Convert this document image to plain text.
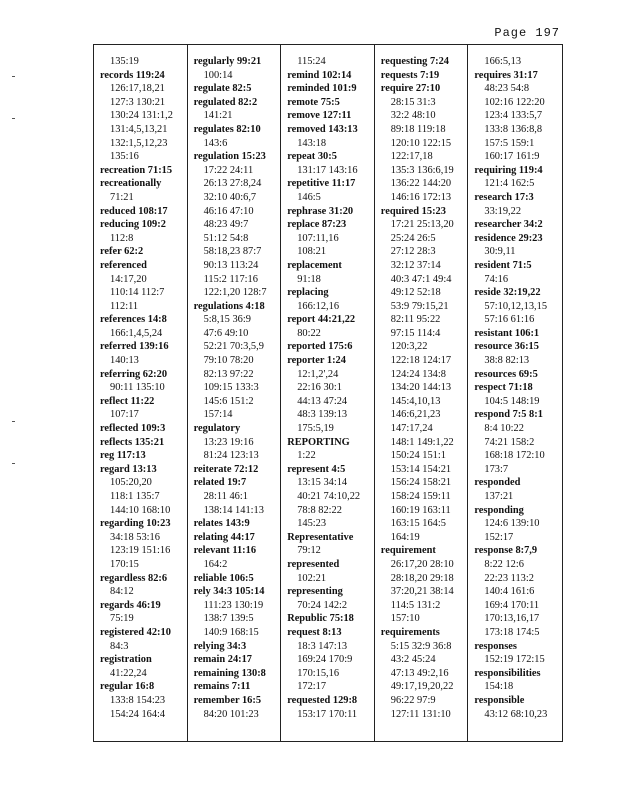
Page 197
135:19
records 119:24
126:17,18,21
127:3 130:21
130:24 131:1,2
131:4,5,13,21
132:1,5,12,23
135:16
recreation 71:15
recreationally
71:21
reduced 108:17
reducing 109:2
112:8
refer 62:2
referenced
14:17,20
110:14 112:7
112:11
references 14:8
166:1,4,5,24
referred 139:16
140:13
referring 62:20
90:11 135:10
reflect 11:22
107:17
reflected 109:3
reflects 135:21
reg 117:13
regard 13:13
105:20,20
118:1 135:7
144:10 168:10
regarding 10:23
34:18 53:16
123:19 151:16
170:15
regardless 82:6
84:12
regards 46:19
75:19
registered 42:10
84:3
registration
41:22,24
regular 16:8
133:8 154:23
154:24 164:4
regularly 99:21
100:14
regulate 82:5
regulated 82:2
141:21
regulates 82:10
143:6
regulation 15:23
17:22 24:11
26:13 27:8,24
32:10 40:6,7
46:16 47:10
48:23 49:7
51:12 54:8
58:18,23 87:7
90:13 113:24
115:2 117:16
122:1,20 128:7
regulations 4:18
5:8,15 36:9
47:6 49:10
52:21 70:3,5,9
79:10 78:20
82:13 97:22
109:15 133:3
145:6 151:2
157:14
regulatory
13:23 19:16
81:24 123:13
reiterate 72:12
related 19:7
28:11 46:1
138:14 141:13
relates 143:9
relating 44:17
relevant 11:16
164:2
reliable 106:5
rely 34:3 105:14
111:23 130:19
138:7 139:5
140:9 168:15
relying 34:3
remain 24:17
remaining 130:8
remains 7:11
remember 16:5
84:20 101:23
115:24
remind 102:14
reminded 101:9
remote 75:5
remove 127:11
removed 143:13
143:18
repeat 30:5
131:17 143:16
repetitive 11:17
146:5
rephrase 31:20
replace 87:23
107:11,16
108:21
replacement
91:18
replacing
166:12,16
report 44:21,22
80:22
reported 175:6
reporter 1:24
12:1,2',24
22:16 30:1
44:13 47:24
48:3 139:13
175:5,19
REPORTING
1:22
represent 4:5
13:15 34:14
40:21 74:10,22
78:8 82:22
145:23
Representative
79:12
represented
102:21
representing
70:24 142:2
Republic 75:18
request 8:13
18:3 147:13
169:24 170:9
170:15,16
172:17
requested 129:8
153:17 170:11
requesting 7:24
requests 7:19
require 27:10
28:15 31:3
32:2 48:10
89:18 119:18
120:10 122:15
122:17,18
135:3 136:6,19
136:22 144:20
146:16 172:13
required 15:23
17:21 25:13,20
25:24 26:5
27:12 28:3
32:12 37:14
40:3 47:1 49:4
49:12 52:18
53:9 79:15,21
82:11 95:22
97:15 114:4
120:3,22
122:18 124:17
124:24 134:8
134:20 144:13
145:4,10,13
146:6,21,23
147:17,24
148:1 149:1,22
150:24 151:1
153:14 154:21
156:24 158:21
158:24 159:11
160:19 163:11
163:15 164:5
164:19
requirement
26:17,20 28:10
28:18,20 29:18
37:20,21 38:14
114:5 131:2
157:10
requirements
5:15 32:9 36:8
43:2 45:24
47:13 49:2,16
49:17,19,20,22
96:22 97:9
127:11 131:10
166:5,13
requires 31:17
48:23 54:8
102:16 122:20
123:4 133:5,7
133:8 136:8,8
157:5 159:1
160:17 161:9
requiring 119:4
121:4 162:5
research 17:3
33:19,22
researcher 34:2
residence 29:23
30:9,11
resident 71:5
74:16
reside 32:19,22
57:10,12,13,15
57:16 61:16
resistant 106:1
resource 36:15
38:8 82:13
resources 69:5
respect 71:18
104:5 148:19
respond 7:5 8:1
8:4 10:22
74:21 158:2
168:18 172:10
173:7
responded
137:21
responding
124:6 139:10
152:17
response 8:7,9
8:22 12:6
22:23 113:2
140:4 161:6
169:4 170:11
170:13,16,17
173:18 174:5
responses
152:19 172:15
responsibilities
154:18
responsible
43:12 68:10,23
